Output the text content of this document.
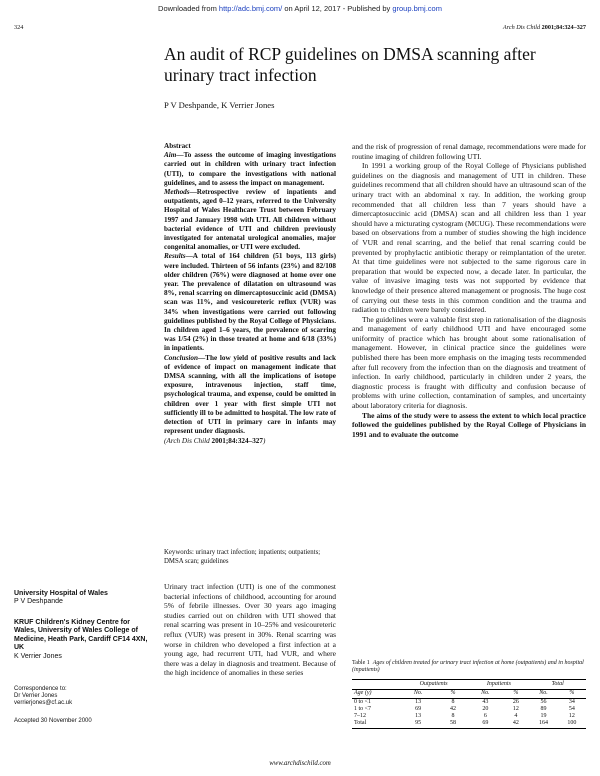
Downloaded from http://adc.bmj.com/ on April 12, 2017 - Published by group.bmj.com
324	Arch Dis Child 2001;84:324–327
An audit of RCP guidelines on DMSA scanning after urinary tract infection
P V Deshpande, K Verrier Jones
Abstract
Aim—To assess the outcome of imaging investigations carried out in children with urinary tract infection (UTI), to compare the investigations with national guidelines, and to assess the impact on management.
Methods—Retrospective review of inpatients and outpatients, aged 0–12 years, referred to the University Hospital of Wales Healthcare Trust between February 1997 and January 1998 with UTI. All children without bacterial evidence of UTI and children previously investigated for antenatal urological anomalies, major congenital anomalies, or UTI were excluded.
Results—A total of 164 children (51 boys, 113 girls) were included. Thirteen of 56 infants (23%) and 82/108 older children (76%) were diagnosed at home over one year. The prevalence of dilatation on ultrasound was 8%, renal scarring on dimercaptosuccinic acid (DMSA) scan was 11%, and vesicoureteric reflux (VUR) was 34% when investigations were carried out following guidelines published by the Royal College of Physicians. In children aged 1–6 years, the prevalence of scarring was 1/54 (2%) in those treated at home and 6/18 (33%) in inpatients.
Conclusion—The low yield of positive results and lack of evidence of impact on management indicate that DMSA scanning, with all the implications of isotope exposure, intravenous injection, staff time, psychological trauma, and expense, could be omitted in children over 1 year with first simple UTI not sufficiently ill to be admitted to hospital. The low rate of detection of UTI in primary care in infants may represent under diagnosis.
(Arch Dis Child 2001;84:324–327)
Keywords: urinary tract infection; inpatients; outpatients; DMSA scan; guidelines
Urinary tract infection (UTI) is one of the commonest bacterial infections of childhood, accounting for around 5% of febrile illnesses. Over 30 years ago imaging studies carried out on children with UTI showed that renal scarring was present in 10–25% and vesicoureteric reflux (VUR) was present in 30%. Renal scarring was worse in children who developed a first infection at a young age, had recurrent UTI, had VUR, and where there was a delay in diagnosis and treatment. Because of the high incidence of anomalies in these series

and the risk of progression of renal damage, recommendations were made for routine imaging of children following UTI.

In 1991 a working group of the Royal College of Physicians published guidelines on the diagnosis and management of UTI in children. These guidelines recommend that all children should have an ultrasound scan of the urinary tract with an abdominal x ray. In addition, the working group recommended that all children less than 7 years should have a dimercaptosuccinic acid (DMSA) scan and all children less than 1 year should have a micturating cystogram (MCUG). These recommendations were based on observations from a number of studies showing the high incidence of VUR and renal scarring, and the belief that renal scarring could be prevented by prophylactic antibiotic therapy or reimplantation of the ureter. At that time guidelines were not subjected to the same rigorous care in preparation that would be expected now, a decade later. In particular, the value of invasive imaging tests was not supported by evidence that knowledge of their presence altered management or prognosis. The huge cost of carrying out these tests in this common condition and the trauma and radiation to children were barely considered.

The guidelines were a valuable first step in rationalisation of the diagnosis and management of early childhood UTI and have encouraged some uniformity of practice which has brought about some rationalisation of management. However, in clinical practice since the guidelines were published there has been more emphasis on the imaging tests recommended after full recovery from the infection than on the diagnosis and treatment of infection. In early childhood, particularly in children under 2 years, the diagnostic process is fraught with difficulty and confusion because of problems with urine collection, contamination of samples, and uncertainty about laboratory criteria for diagnosis.

The aims of the study were to assess the extent to which local practice followed the guidelines published by the Royal College of Physicians in 1991 and to evaluate the outcome

Table 1 Ages of children treated for urinary tract infection at home (outpatients) and in hospital (inpatients)
	Outpatients		Inpatients		Total	
Age (y)	No.	%	No.	%	No.	%
0 to <1	13	8	43	26	56	34
1 to <7	69	42	20	12	89	54
7–12	13	8	6	4	19	12
Total	95	58	69	42	164	100
University Hospital of Wales
P V Deshpande
KRUF Children's Kidney Centre for Wales, University of Wales College of Medicine, Heath Park, Cardiff CF14 4XN, UK
K Verrier Jones
Correspondence to:
Dr Verrier Jones
verrierjones@cf.ac.uk
Accepted 30 November 2000
www.archdischild.com
